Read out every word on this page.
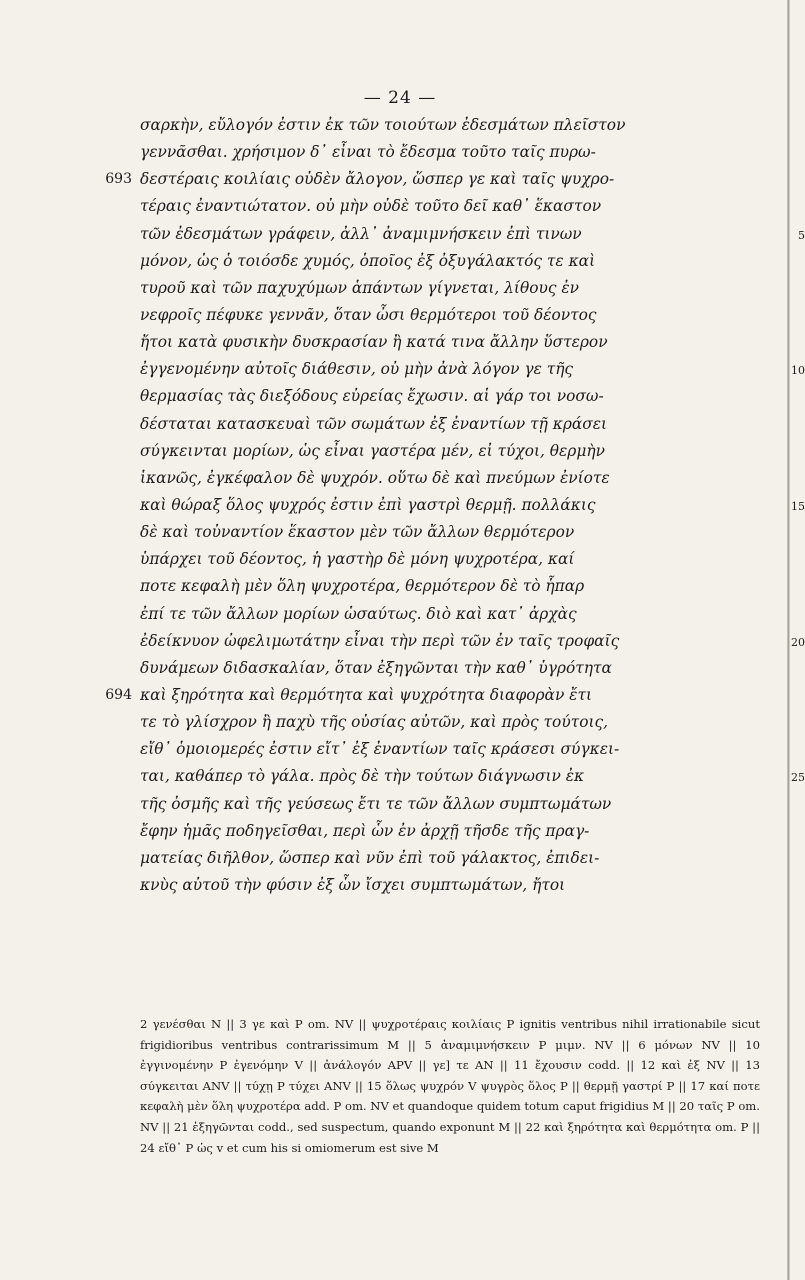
— 24 —
σαρκὴν, εὔλογόν ἐστιν ἐκ τῶν τοιούτων ἐδεσμάτων πλεῖστον
γεννᾶσθαι. χρήσιμον δ᾽ εἶναι τὸ ἔδεσμα τοῦτο ταῖς πυρω-
693 δεστέραις κοιλίαις οὐδὲν ἄλογον, ὥσπερ γε καὶ ταῖς ψυχρο-
τέραις ἐναντιώτατον. οὐ μὴν οὐδὲ τοῦτο δεῖ καθ᾽ ἕκαστον
τῶν ἐδεσμάτων γράφειν, ἀλλ᾽ ἀναμιμνήσκειν ἐπὶ τινων	5
μόνον, ὡς ὁ τοιόσδε χυμός, ὁποῖος ἐξ ὀξυγάλακτός τε καὶ
τυροῦ καὶ τῶν παχυχύμων ἁπάντων γίγνεται, λίθους ἐν
νεφροῖς πέφυκε γεννᾶν, ὅταν ὦσι θερμότεροι τοῦ δέοντος
ἤτοι κατὰ φυσικὴν δυσκρασίαν ἢ κατά τινα ἄλλην ὕστερον
ἐγγενομένην αὐτοῖς διάθεσιν, οὐ μὴν ἀνὰ λόγον γε τῆς	10
θερμασίας τὰς διεξόδους εὐρείας ἔχωσιν. αἱ γάρ τοι νοσω-
δέσταται κατασκευαὶ τῶν σωμάτων ἐξ ἐναντίων τῇ κράσει
σύγκεινται μορίων, ὡς εἶναι γαστέρα μέν, εἰ τύχοι, θερμὴν
ἱκανῶς, ἐγκέφαλον δὲ ψυχρόν. οὕτω δὲ καὶ πνεύμων ἐνίοτε
καὶ θώραξ ὅλος ψυχρός ἐστιν ἐπὶ γαστρὶ θερμῇ. πολλάκις	15
δὲ καὶ τοὐναντίον ἕκαστον μὲν τῶν ἄλλων θερμότερον
ὑπάρχει τοῦ δέοντος, ἡ γαστὴρ δὲ μόνη ψυχροτέρα, καί
ποτε κεφαλὴ μὲν ὅλη ψυχροτέρα, θερμότερον δὲ τὸ ἧπαρ
ἐπί τε τῶν ἄλλων μορίων ὡσαύτως. διὸ καὶ κατ᾽ ἀρχὰς
ἐδείκνυον ὠφελιμωτάτην εἶναι τὴν περὶ τῶν ἐν ταῖς τροφαῖς	20
δυνάμεων διδασκαλίαν, ὅταν ἐξηγῶνται τὴν καθ᾽ ὑγρότητα
694 καὶ ξηρότητα καὶ θερμότητα καὶ ψυχρότητα διαφορὰν ἔτι
τε τὸ γλίσχρον ἢ παχὺ τῆς οὐσίας αὐτῶν, καὶ πρὸς τούτοις,
εἴθ᾽ ὁμοιομερές ἐστιν εἴτ᾽ ἐξ ἐναντίων ταῖς κράσεσι σύγκει-
ται, καθάπερ τὸ γάλα. πρὸς δὲ τὴν τούτων διάγνωσιν ἐκ	25
τῆς ὀσμῆς καὶ τῆς γεύσεως ἔτι τε τῶν ἄλλων συμπτωμάτων
ἔφην ἡμᾶς ποδηγεῖσθαι, περὶ ὧν ἐν ἀρχῇ τῆσδε τῆς πραγ-
ματείας διῆλθον, ὥσπερ καὶ νῦν ἐπὶ τοῦ γάλακτος, ἐπιδει-
κνὺς αὐτοῦ τὴν φύσιν ἐξ ὧν ἴσχει συμπτωμάτων, ἤτοι
2 γενέσθαι N || 3 γε καὶ P om. NV || ψυχροτέραις κοιλίαις P ignitis ventribus nihil irrationabile sicut frigidioribus ventribus contrarissimum M || 5 ἀναμιμνήσκειν P μιμν. NV || 6 μόνων NV || 10 ἐγγινομένην P ἐγενόμην V || ἀνάλογόν APV || γε] τε AN || 11 ἔχουσιν codd. || 12 καὶ ἐξ NV || 13 σύγκειται ANV || τύχῃ P τύχει ANV || 15 ὅλως ψυχρόν V ψυγρὸς ὅλος P || θερμῇ γαστρί P || 17 καί ποτε κεφαλὴ μὲν ὅλη ψυχροτέρα add. P om. NV et quandoque quidem totum caput frigidius M || 20 ταῖς P om. NV || 21 ἐξηγῶνται codd., sed suspectum, quando exponunt M || 22 καὶ ξηρότητα καὶ θερμότητα om. P || 24 εἴθ᾽ P ὡς v et cum his si omiomerum est sive M
